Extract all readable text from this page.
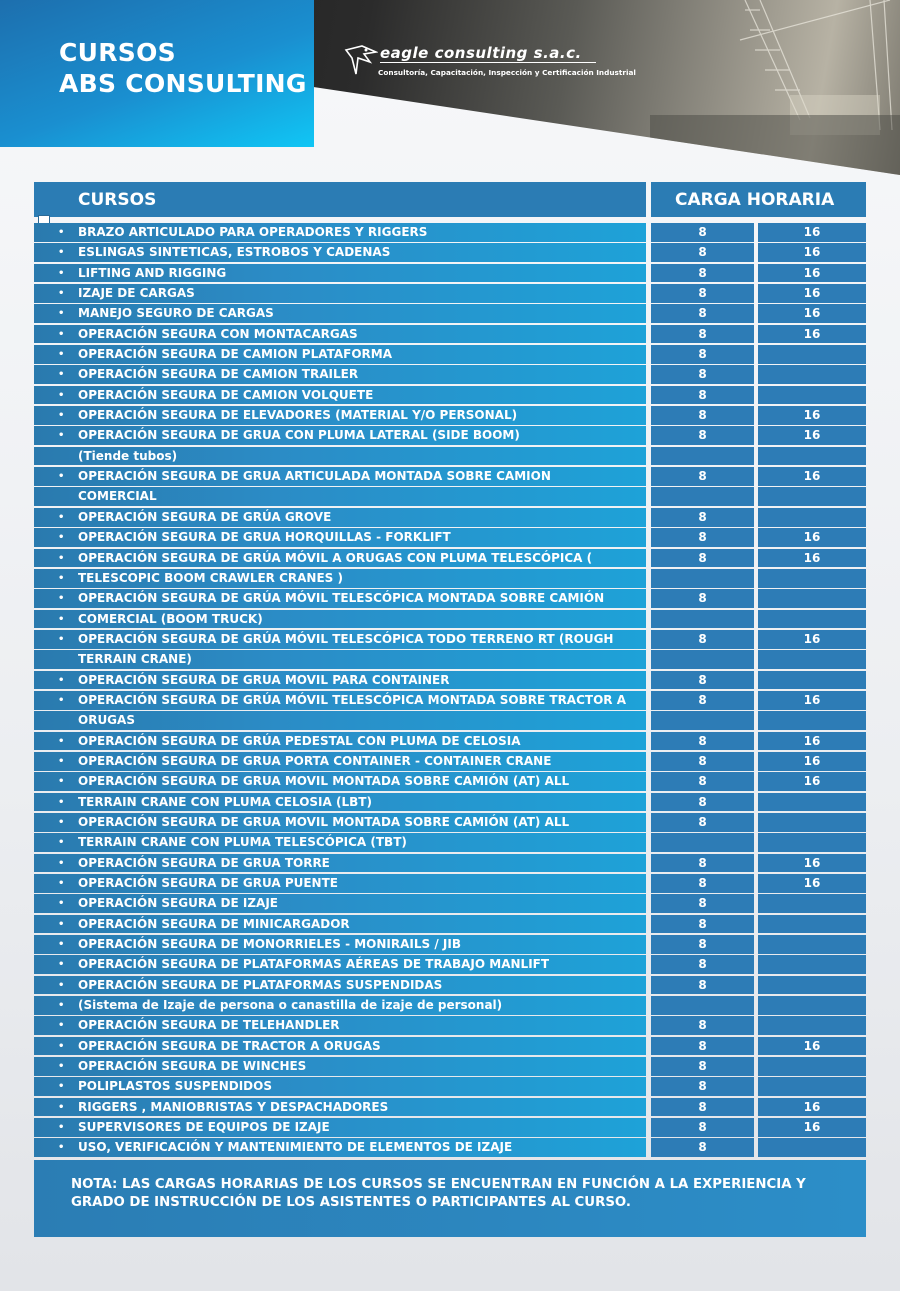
CURSOS
ABS CONSULTING
eagle consulting s.a.c.
Consultoría, Capacitación, Inspección y Certificación Industrial
CURSOS	CARGA HORARIA
• BRAZO ARTICULADO PARA OPERADORES Y RIGGERS	8	16
• ESLINGAS SINTETICAS, ESTROBOS Y CADENAS	8	16
• LIFTING AND RIGGING	8	16
• IZAJE DE CARGAS	8	16
• MANEJO SEGURO DE CARGAS	8	16
• OPERACIÓN SEGURA CON MONTACARGAS	8	16
• OPERACIÓN SEGURA DE CAMION PLATAFORMA	8
• OPERACIÓN SEGURA DE CAMION TRAILER	8
• OPERACIÓN SEGURA DE CAMION VOLQUETE	8
• OPERACIÓN SEGURA DE ELEVADORES (MATERIAL Y/O PERSONAL)	8	16
• OPERACIÓN SEGURA DE GRUA CON PLUMA LATERAL (SIDE BOOM)	8	16
(Tiende tubos)
• OPERACIÓN SEGURA DE GRUA ARTICULADA MONTADA SOBRE CAMION	8	16
COMERCIAL
• OPERACIÓN SEGURA DE GRÚA GROVE	8
• OPERACIÓN SEGURA DE GRUA HORQUILLAS - FORKLIFT	8	16
• OPERACIÓN SEGURA DE GRÚA MÓVIL A ORUGAS CON PLUMA TELESCÓPICA (	8	16
• TELESCOPIC BOOM CRAWLER CRANES )
• OPERACIÓN SEGURA DE GRÚA MÓVIL TELESCÓPICA MONTADA SOBRE CAMIÓN	8
• COMERCIAL (BOOM TRUCK)
• OPERACIÓN SEGURA DE GRÚA MÓVIL TELESCÓPICA TODO TERRENO RT (ROUGH	8	16
TERRAIN CRANE)
• OPERACIÓN SEGURA DE GRUA MOVIL PARA CONTAINER	8
• OPERACIÓN SEGURA DE GRÚA MÓVIL TELESCÓPICA MONTADA SOBRE TRACTOR A	8	16
ORUGAS
• OPERACIÓN SEGURA DE GRÚA PEDESTAL CON PLUMA DE CELOSIA	8	16
• OPERACIÓN SEGURA DE GRUA PORTA CONTAINER - CONTAINER CRANE	8	16
• OPERACIÓN SEGURA DE GRUA MOVIL MONTADA SOBRE CAMIÓN (AT) ALL	8	16
• TERRAIN CRANE CON PLUMA CELOSIA (LBT)	8
• OPERACIÓN SEGURA DE GRUA MOVIL MONTADA SOBRE CAMIÓN (AT) ALL	8
• TERRAIN CRANE CON PLUMA TELESCÓPICA (TBT)
• OPERACIÓN SEGURA DE GRUA TORRE	8	16
• OPERACIÓN SEGURA DE GRUA PUENTE	8	16
• OPERACIÓN SEGURA DE IZAJE	8
• OPERACIÓN SEGURA DE MINICARGADOR	8
• OPERACIÓN SEGURA DE MONORRIELES - MONIRAILS / JIB	8
• OPERACIÓN SEGURA DE PLATAFORMAS AÉREAS DE TRABAJO MANLIFT	8
• OPERACIÓN SEGURA DE PLATAFORMAS SUSPENDIDAS	8
• (Sistema de Izaje de persona o canastilla de izaje de personal)
• OPERACIÓN SEGURA DE TELEHANDLER	8
• OPERACIÓN SEGURA DE TRACTOR A ORUGAS	8	16
• OPERACIÓN SEGURA DE WINCHES	8
• POLIPLASTOS SUSPENDIDOS	8
• RIGGERS , MANIOBRISTAS Y DESPACHADORES	8	16
• SUPERVISORES DE EQUIPOS DE IZAJE	8	16
• USO, VERIFICACIÓN Y MANTENIMIENTO DE ELEMENTOS DE IZAJE	8
NOTA: LAS CARGAS HORARIAS DE LOS CURSOS SE ENCUENTRAN EN FUNCIÓN A LA EXPERIENCIA Y GRADO DE INSTRUCCIÓN DE LOS ASISTENTES O PARTICIPANTES AL CURSO.
